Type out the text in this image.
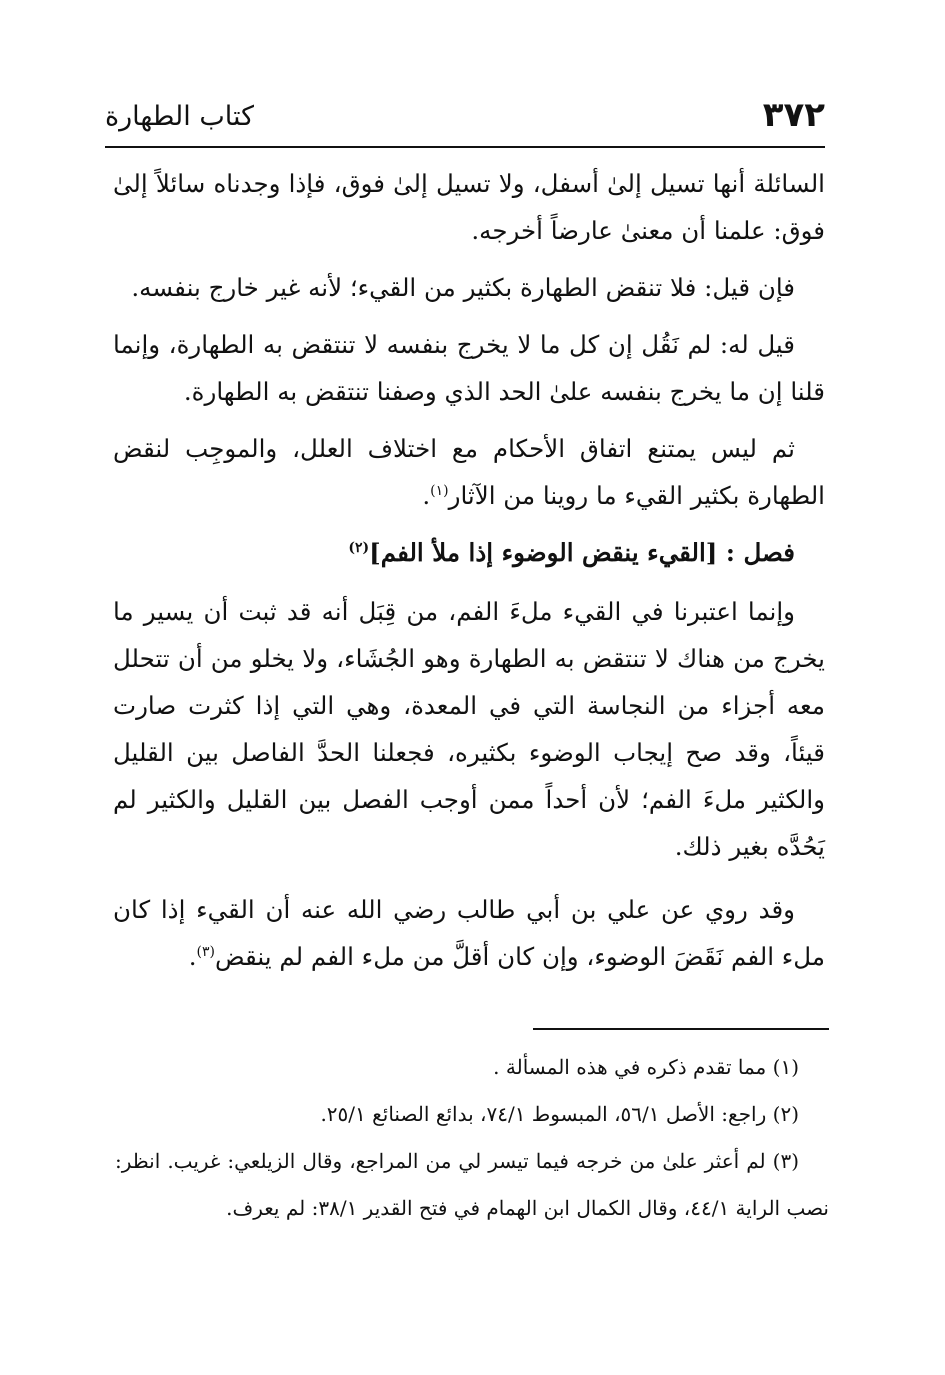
٣٧٢
كتاب الطهارة

السائلة أنها تسيل إلىٰ أسفل، ولا تسيل إلىٰ فوق، فإذا وجدناه سائلاً إلىٰ فوق: علمنا أن معنىٰ عارضاً أخرجه.

فإن قيل: فلا تنقض الطهارة بكثير من القيء؛ لأنه غير خارج بنفسه.

قيل له: لم نَقُل إن كل ما لا يخرج بنفسه لا تنتقض به الطهارة، وإنما قلنا إن ما يخرج بنفسه علىٰ الحد الذي وصفنا تنتقض به الطهارة.

ثم ليس يمتنع اتفاق الأحكام مع اختلاف العلل، والموجِب لنقض الطهارة بكثير القيء ما روينا من الآثار$^{(١)}$.

فصل : [القيء ينقض الوضوء إذا ملأ الفم]$^{(٢)}$

وإنما اعتبرنا في القيء ملءَ الفم، من قِبَل أنه قد ثبت أن يسير ما يخرج من هناك لا تنتقض به الطهارة وهو الجُشَاء، ولا يخلو من أن تتحلل معه أجزاء من النجاسة التي في المعدة، وهي التي إذا كثرت صارت قيئاً، وقد صح إيجاب الوضوء بكثيره، فجعلنا الحدَّ الفاصل بين القليل والكثير ملءَ الفم؛ لأن أحداً ممن أوجب الفصل بين القليل والكثير لم يَحُدَّه بغير ذلك.

وقد روي عن علي بن أبي طالب رضي الله عنه أن القيء إذا كان ملء الفم نَقَضَ الوضوء، وإن كان أقلَّ من ملء الفم لم ينقض$^{(٣)}$.

(١) مما تقدم ذكره في هذه المسألة .

(٢) راجع: الأصل ٥٦/١، المبسوط ٧٤/١، بدائع الصنائع ٢٥/١.

(٣) لم أعثر علىٰ من خرجه فيما تيسر لي من المراجع، وقال الزيلعي: غريب. انظر: نصب الراية ٤٤/١، وقال الكمال ابن الهمام في فتح القدير ٣٨/١: لم يعرف.
